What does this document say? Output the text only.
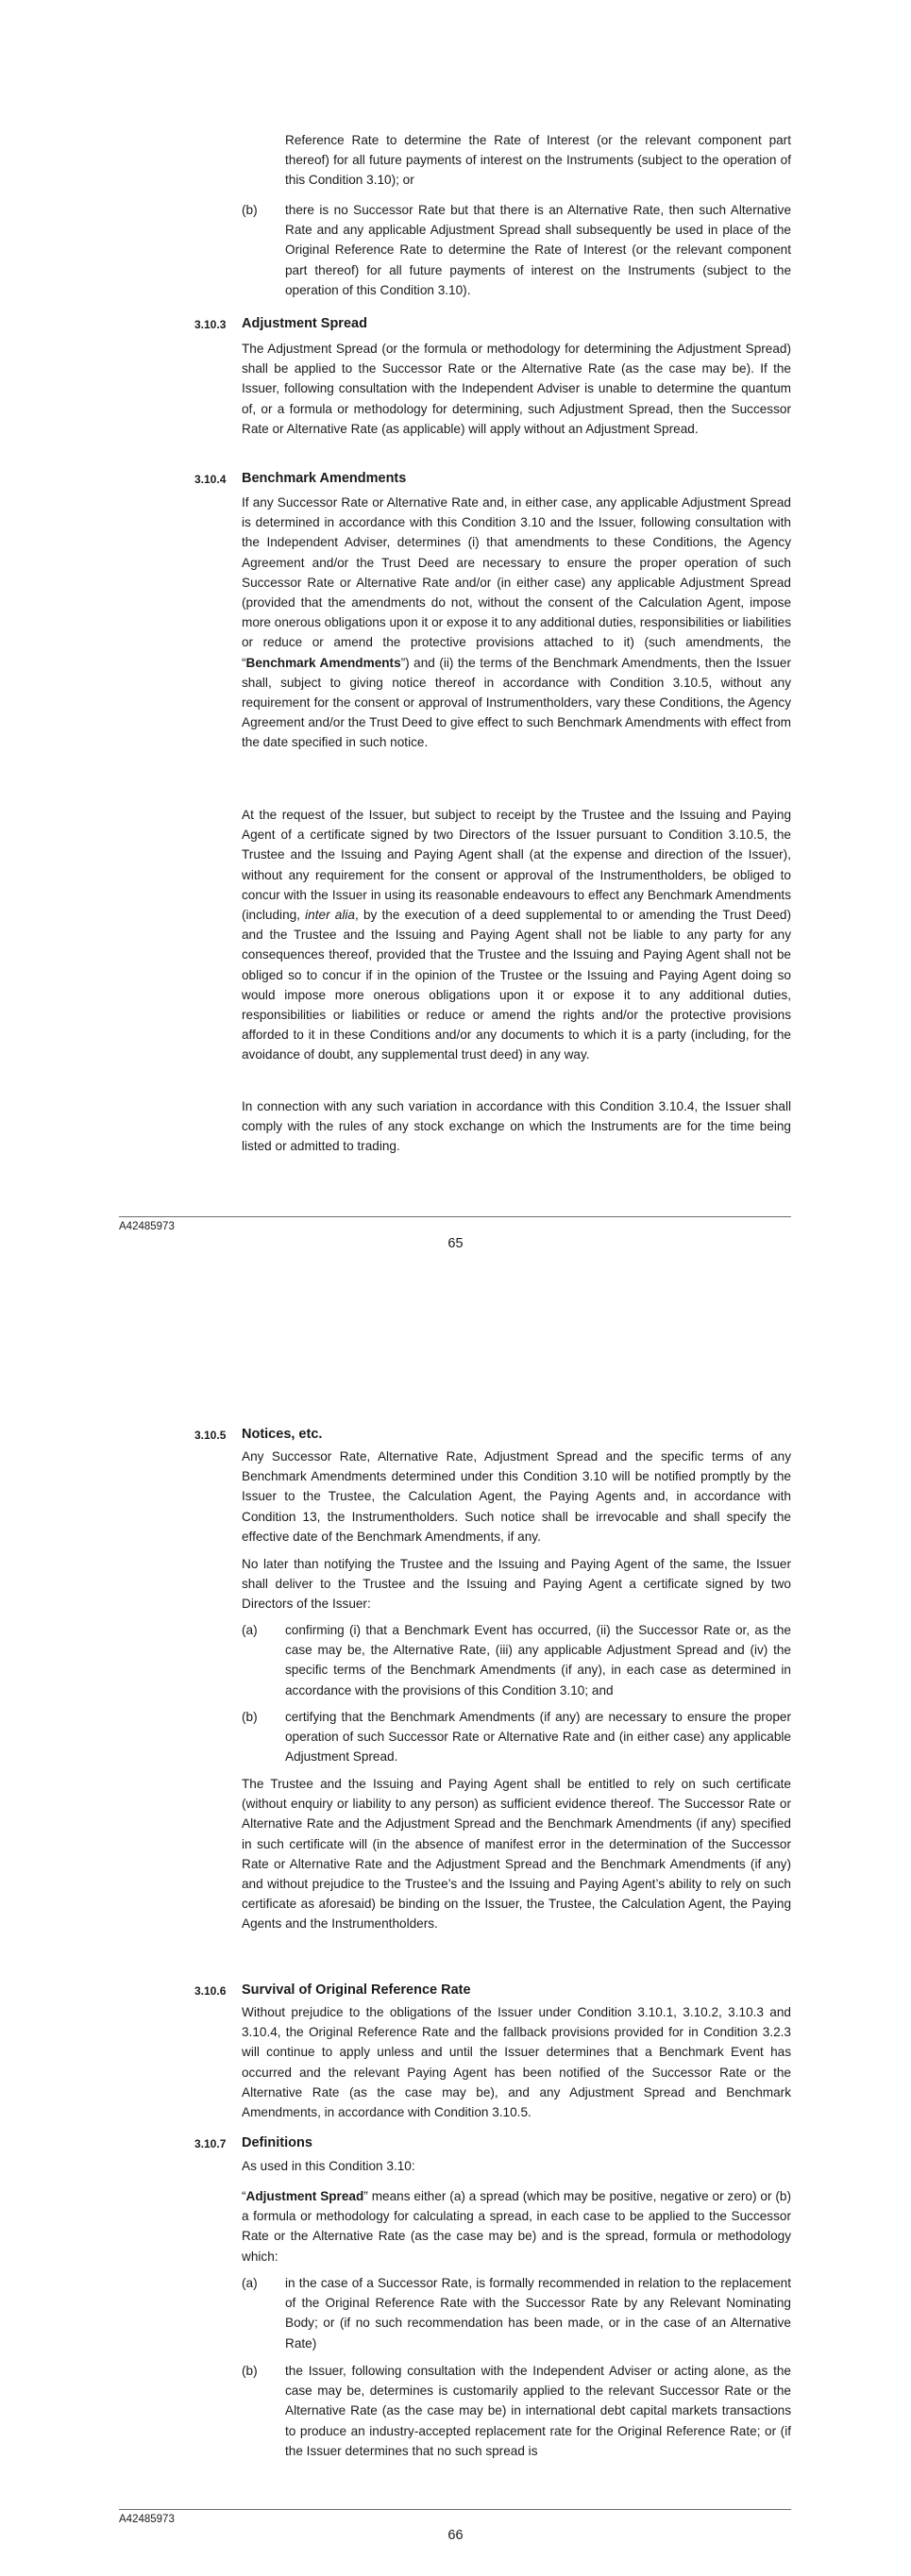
Reference Rate to determine the Rate of Interest (or the relevant component part thereof) for all future payments of interest on the Instruments (subject to the operation of this Condition 3.10); or

(b) there is no Successor Rate but that there is an Alternative Rate, then such Alternative Rate and any applicable Adjustment Spread shall subsequently be used in place of the Original Reference Rate to determine the Rate of Interest (or the relevant component part thereof) for all future payments of interest on the Instruments (subject to the operation of this Condition 3.10).

3.10.3 Adjustment Spread

The Adjustment Spread (or the formula or methodology for determining the Adjustment Spread) shall be applied to the Successor Rate or the Alternative Rate (as the case may be). If the Issuer, following consultation with the Independent Adviser is unable to determine the quantum of, or a formula or methodology for determining, such Adjustment Spread, then the Successor Rate or Alternative Rate (as applicable) will apply without an Adjustment Spread.

3.10.4 Benchmark Amendments

If any Successor Rate or Alternative Rate and, in either case, any applicable Adjustment Spread is determined in accordance with this Condition 3.10 and the Issuer, following consultation with the Independent Adviser, determines (i) that amendments to these Conditions, the Agency Agreement and/or the Trust Deed are necessary to ensure the proper operation of such Successor Rate or Alternative Rate and/or (in either case) any applicable Adjustment Spread (provided that the amendments do not, without the consent of the Calculation Agent, impose more onerous obligations upon it or expose it to any additional duties, responsibilities or liabilities or reduce or amend the protective provisions attached to it) (such amendments, the “Benchmark Amendments”) and (ii) the terms of the Benchmark Amendments, then the Issuer shall, subject to giving notice thereof in accordance with Condition 3.10.5, without any requirement for the consent or approval of Instrumentholders, vary these Conditions, the Agency Agreement and/or the Trust Deed to give effect to such Benchmark Amendments with effect from the date specified in such notice.

At the request of the Issuer, but subject to receipt by the Trustee and the Issuing and Paying Agent of a certificate signed by two Directors of the Issuer pursuant to Condition 3.10.5, the Trustee and the Issuing and Paying Agent shall (at the expense and direction of the Issuer), without any requirement for the consent or approval of the Instrumentholders, be obliged to concur with the Issuer in using its reasonable endeavours to effect any Benchmark Amendments (including, inter alia, by the execution of a deed supplemental to or amending the Trust Deed) and the Trustee and the Issuing and Paying Agent shall not be liable to any party for any consequences thereof, provided that the Trustee and the Issuing and Paying Agent shall not be obliged so to concur if in the opinion of the Trustee or the Issuing and Paying Agent doing so would impose more onerous obligations upon it or expose it to any additional duties, responsibilities or liabilities or reduce or amend the rights and/or the protective provisions afforded to it in these Conditions and/or any documents to which it is a party (including, for the avoidance of doubt, any supplemental trust deed) in any way.

In connection with any such variation in accordance with this Condition 3.10.4, the Issuer shall comply with the rules of any stock exchange on which the Instruments are for the time being listed or admitted to trading.

A42485973
65
3.10.5 Notices, etc.

Any Successor Rate, Alternative Rate, Adjustment Spread and the specific terms of any Benchmark Amendments determined under this Condition 3.10 will be notified promptly by the Issuer to the Trustee, the Calculation Agent, the Paying Agents and, in accordance with Condition 13, the Instrumentholders. Such notice shall be irrevocable and shall specify the effective date of the Benchmark Amendments, if any.

No later than notifying the Trustee and the Issuing and Paying Agent of the same, the Issuer shall deliver to the Trustee and the Issuing and Paying Agent a certificate signed by two Directors of the Issuer:

(a) confirming (i) that a Benchmark Event has occurred, (ii) the Successor Rate or, as the case may be, the Alternative Rate, (iii) any applicable Adjustment Spread and (iv) the specific terms of the Benchmark Amendments (if any), in each case as determined in accordance with the provisions of this Condition 3.10; and

(b) certifying that the Benchmark Amendments (if any) are necessary to ensure the proper operation of such Successor Rate or Alternative Rate and (in either case) any applicable Adjustment Spread.

The Trustee and the Issuing and Paying Agent shall be entitled to rely on such certificate (without enquiry or liability to any person) as sufficient evidence thereof. The Successor Rate or Alternative Rate and the Adjustment Spread and the Benchmark Amendments (if any) specified in such certificate will (in the absence of manifest error in the determination of the Successor Rate or Alternative Rate and the Adjustment Spread and the Benchmark Amendments (if any) and without prejudice to the Trustee’s and the Issuing and Paying Agent’s ability to rely on such certificate as aforesaid) be binding on the Issuer, the Trustee, the Calculation Agent, the Paying Agents and the Instrumentholders.

3.10.6 Survival of Original Reference Rate

Without prejudice to the obligations of the Issuer under Condition 3.10.1, 3.10.2, 3.10.3 and 3.10.4, the Original Reference Rate and the fallback provisions provided for in Condition 3.2.3 will continue to apply unless and until the Issuer determines that a Benchmark Event has occurred and the relevant Paying Agent has been notified of the Successor Rate or the Alternative Rate (as the case may be), and any Adjustment Spread and Benchmark Amendments, in accordance with Condition 3.10.5.

3.10.7 Definitions

As used in this Condition 3.10:

“Adjustment Spread” means either (a) a spread (which may be positive, negative or zero) or (b) a formula or methodology for calculating a spread, in each case to be applied to the Successor Rate or the Alternative Rate (as the case may be) and is the spread, formula or methodology which:

(a) in the case of a Successor Rate, is formally recommended in relation to the replacement of the Original Reference Rate with the Successor Rate by any Relevant Nominating Body; or (if no such recommendation has been made, or in the case of an Alternative Rate)

(b) the Issuer, following consultation with the Independent Adviser or acting alone, as the case may be, determines is customarily applied to the relevant Successor Rate or the Alternative Rate (as the case may be) in international debt capital markets transactions to produce an industry-accepted replacement rate for the Original Reference Rate; or (if the Issuer determines that no such spread is

A42485973
66
